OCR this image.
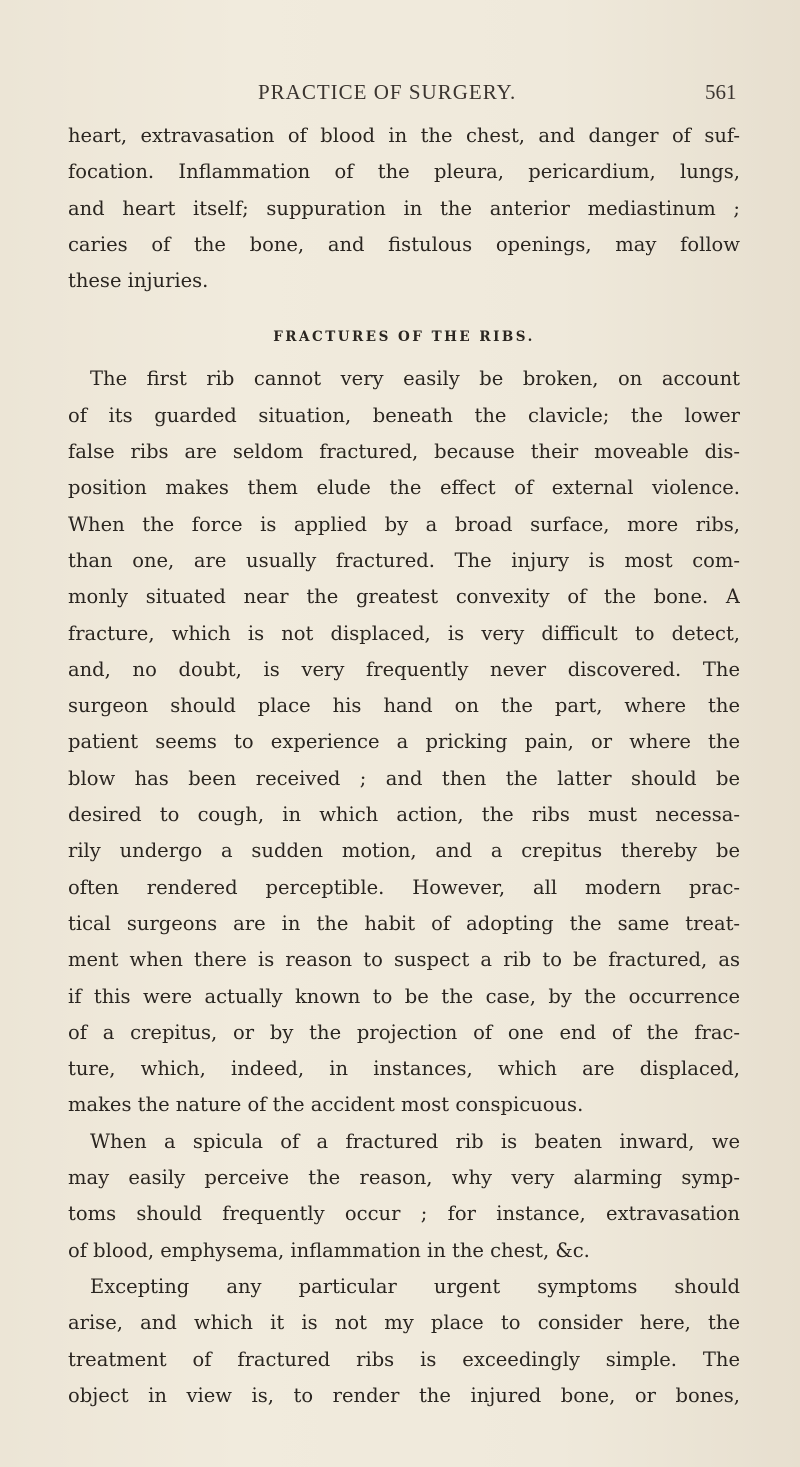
PRACTICE OF SURGERY.	561
heart, extravasation of blood in the chest, and danger of suf-
focation. Inflammation of the pleura, pericardium, lungs,
and heart itself; suppuration in the anterior mediastinum ;
caries of the bone, and fistulous openings, may follow
these injuries.
FRACTURES OF THE RIBS.
The first rib cannot very easily be broken, on account
of its guarded situation, beneath the clavicle; the lower
false ribs are seldom fractured, because their moveable dis-
position makes them elude the effect of external violence.
When the force is applied by a broad surface, more ribs,
than one, are usually fractured. The injury is most com-
monly situated near the greatest convexity of the bone. A
fracture, which is not displaced, is very difficult to detect,
and, no doubt, is very frequently never discovered. The
surgeon should place his hand on the part, where the
patient seems to experience a pricking pain, or where the
blow has been received ; and then the latter should be
desired to cough, in which action, the ribs must necessa-
rily undergo a sudden motion, and a crepitus thereby be
often rendered perceptible. However, all modern prac-
tical surgeons are in the habit of adopting the same treat-
ment when there is reason to suspect a rib to be fractured, as
if this were actually known to be the case, by the occurrence
of a crepitus, or by the projection of one end of the frac-
ture, which, indeed, in instances, which are displaced,
makes the nature of the accident most conspicuous.
When a spicula of a fractured rib is beaten inward, we
may easily perceive the reason, why very alarming symp-
toms should frequently occur ; for instance, extravasation
of blood, emphysema, inflammation in the chest, &c.
Excepting any particular urgent symptoms should
arise, and which it is not my place to consider here, the
treatment of fractured ribs is exceedingly simple. The
object in view is, to render the injured bone, or bones,
